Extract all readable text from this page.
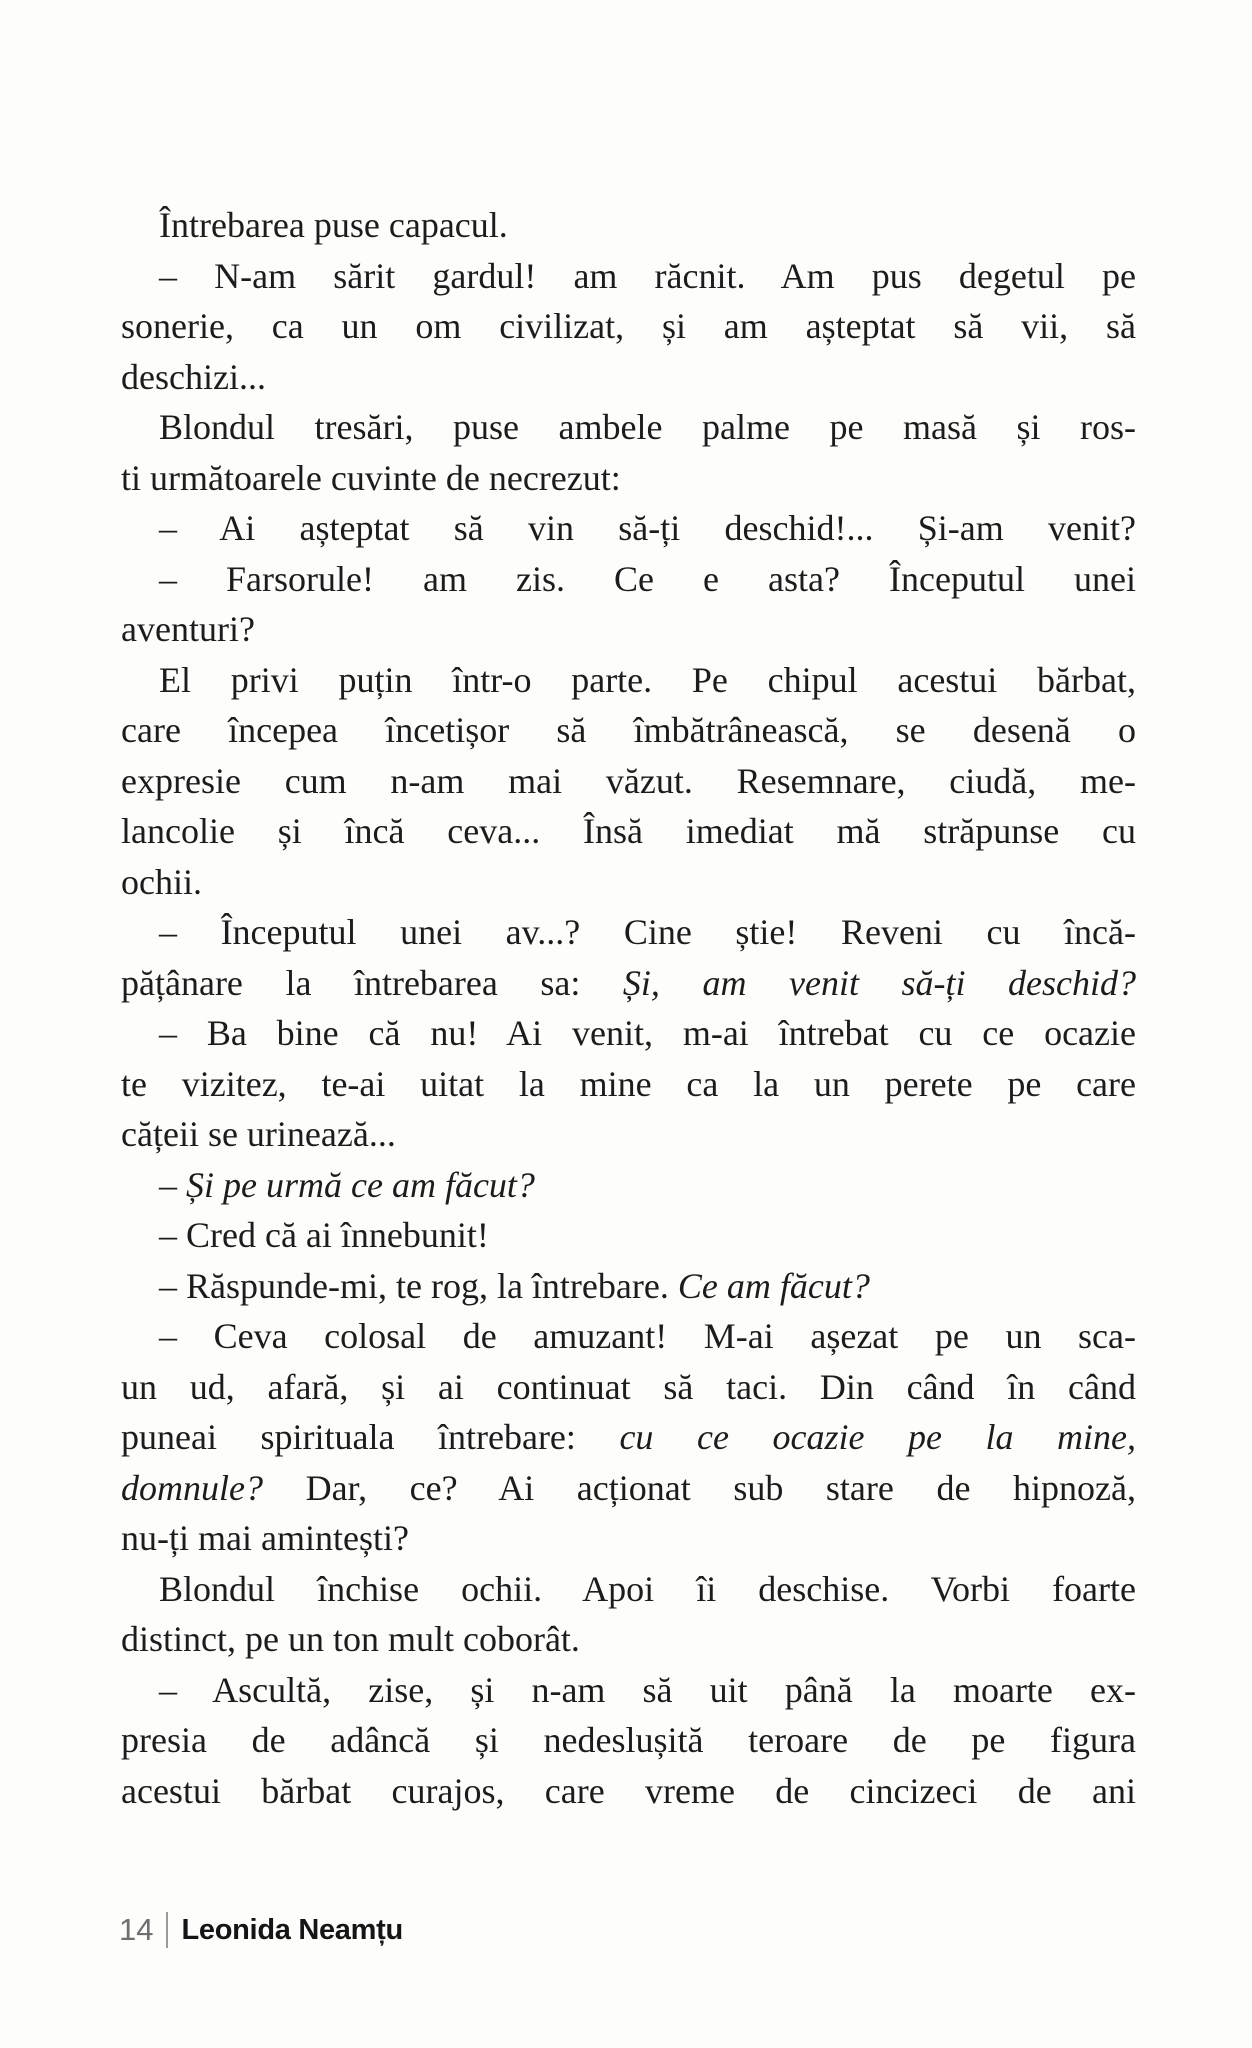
Întrebarea puse capacul.
– N-am sărit gardul! am răcnit. Am pus degetul pe
sonerie, ca un om civilizat, și am așteptat să vii, să
deschizi...
Blondul tresări, puse ambele palme pe masă și ros-
ti următoarele cuvinte de necrezut:
– Ai așteptat să vin să-ți deschid!... Și-am venit?
– Farsorule! am zis. Ce e asta? Începutul unei
aventuri?
El privi puțin într-o parte. Pe chipul acestui bărbat,
care începea încetișor să îmbătrânească, se desenă o
expresie cum n-am mai văzut. Resemnare, ciudă, me-
lancolie și încă ceva... Însă imediat mă străpunse cu
ochii.
– Începutul unei av...? Cine știe! Reveni cu încă-
pățânare la întrebarea sa: Și, am venit să-ți deschid?
– Ba bine că nu! Ai venit, m-ai întrebat cu ce ocazie
te vizitez, te-ai uitat la mine ca la un perete pe care
cățeii se urinează...
– Și pe urmă ce am făcut?
– Cred că ai înnebunit!
– Răspunde-mi, te rog, la întrebare. Ce am făcut?
– Ceva colosal de amuzant! M-ai așezat pe un sca-
un ud, afară, și ai continuat să taci. Din când în când
puneai spirituala întrebare: cu ce ocazie pe la mine,
domnule? Dar, ce? Ai acționat sub stare de hipnoză,
nu-ți mai amintești?
Blondul închise ochii. Apoi îi deschise. Vorbi foarte
distinct, pe un ton mult coborât.
– Ascultă, zise, și n-am să uit până la moarte ex-
presia de adâncă și nedeslușită teroare de pe figura
acestui bărbat curajos, care vreme de cincizeci de ani
14 Leonida Neamțu
